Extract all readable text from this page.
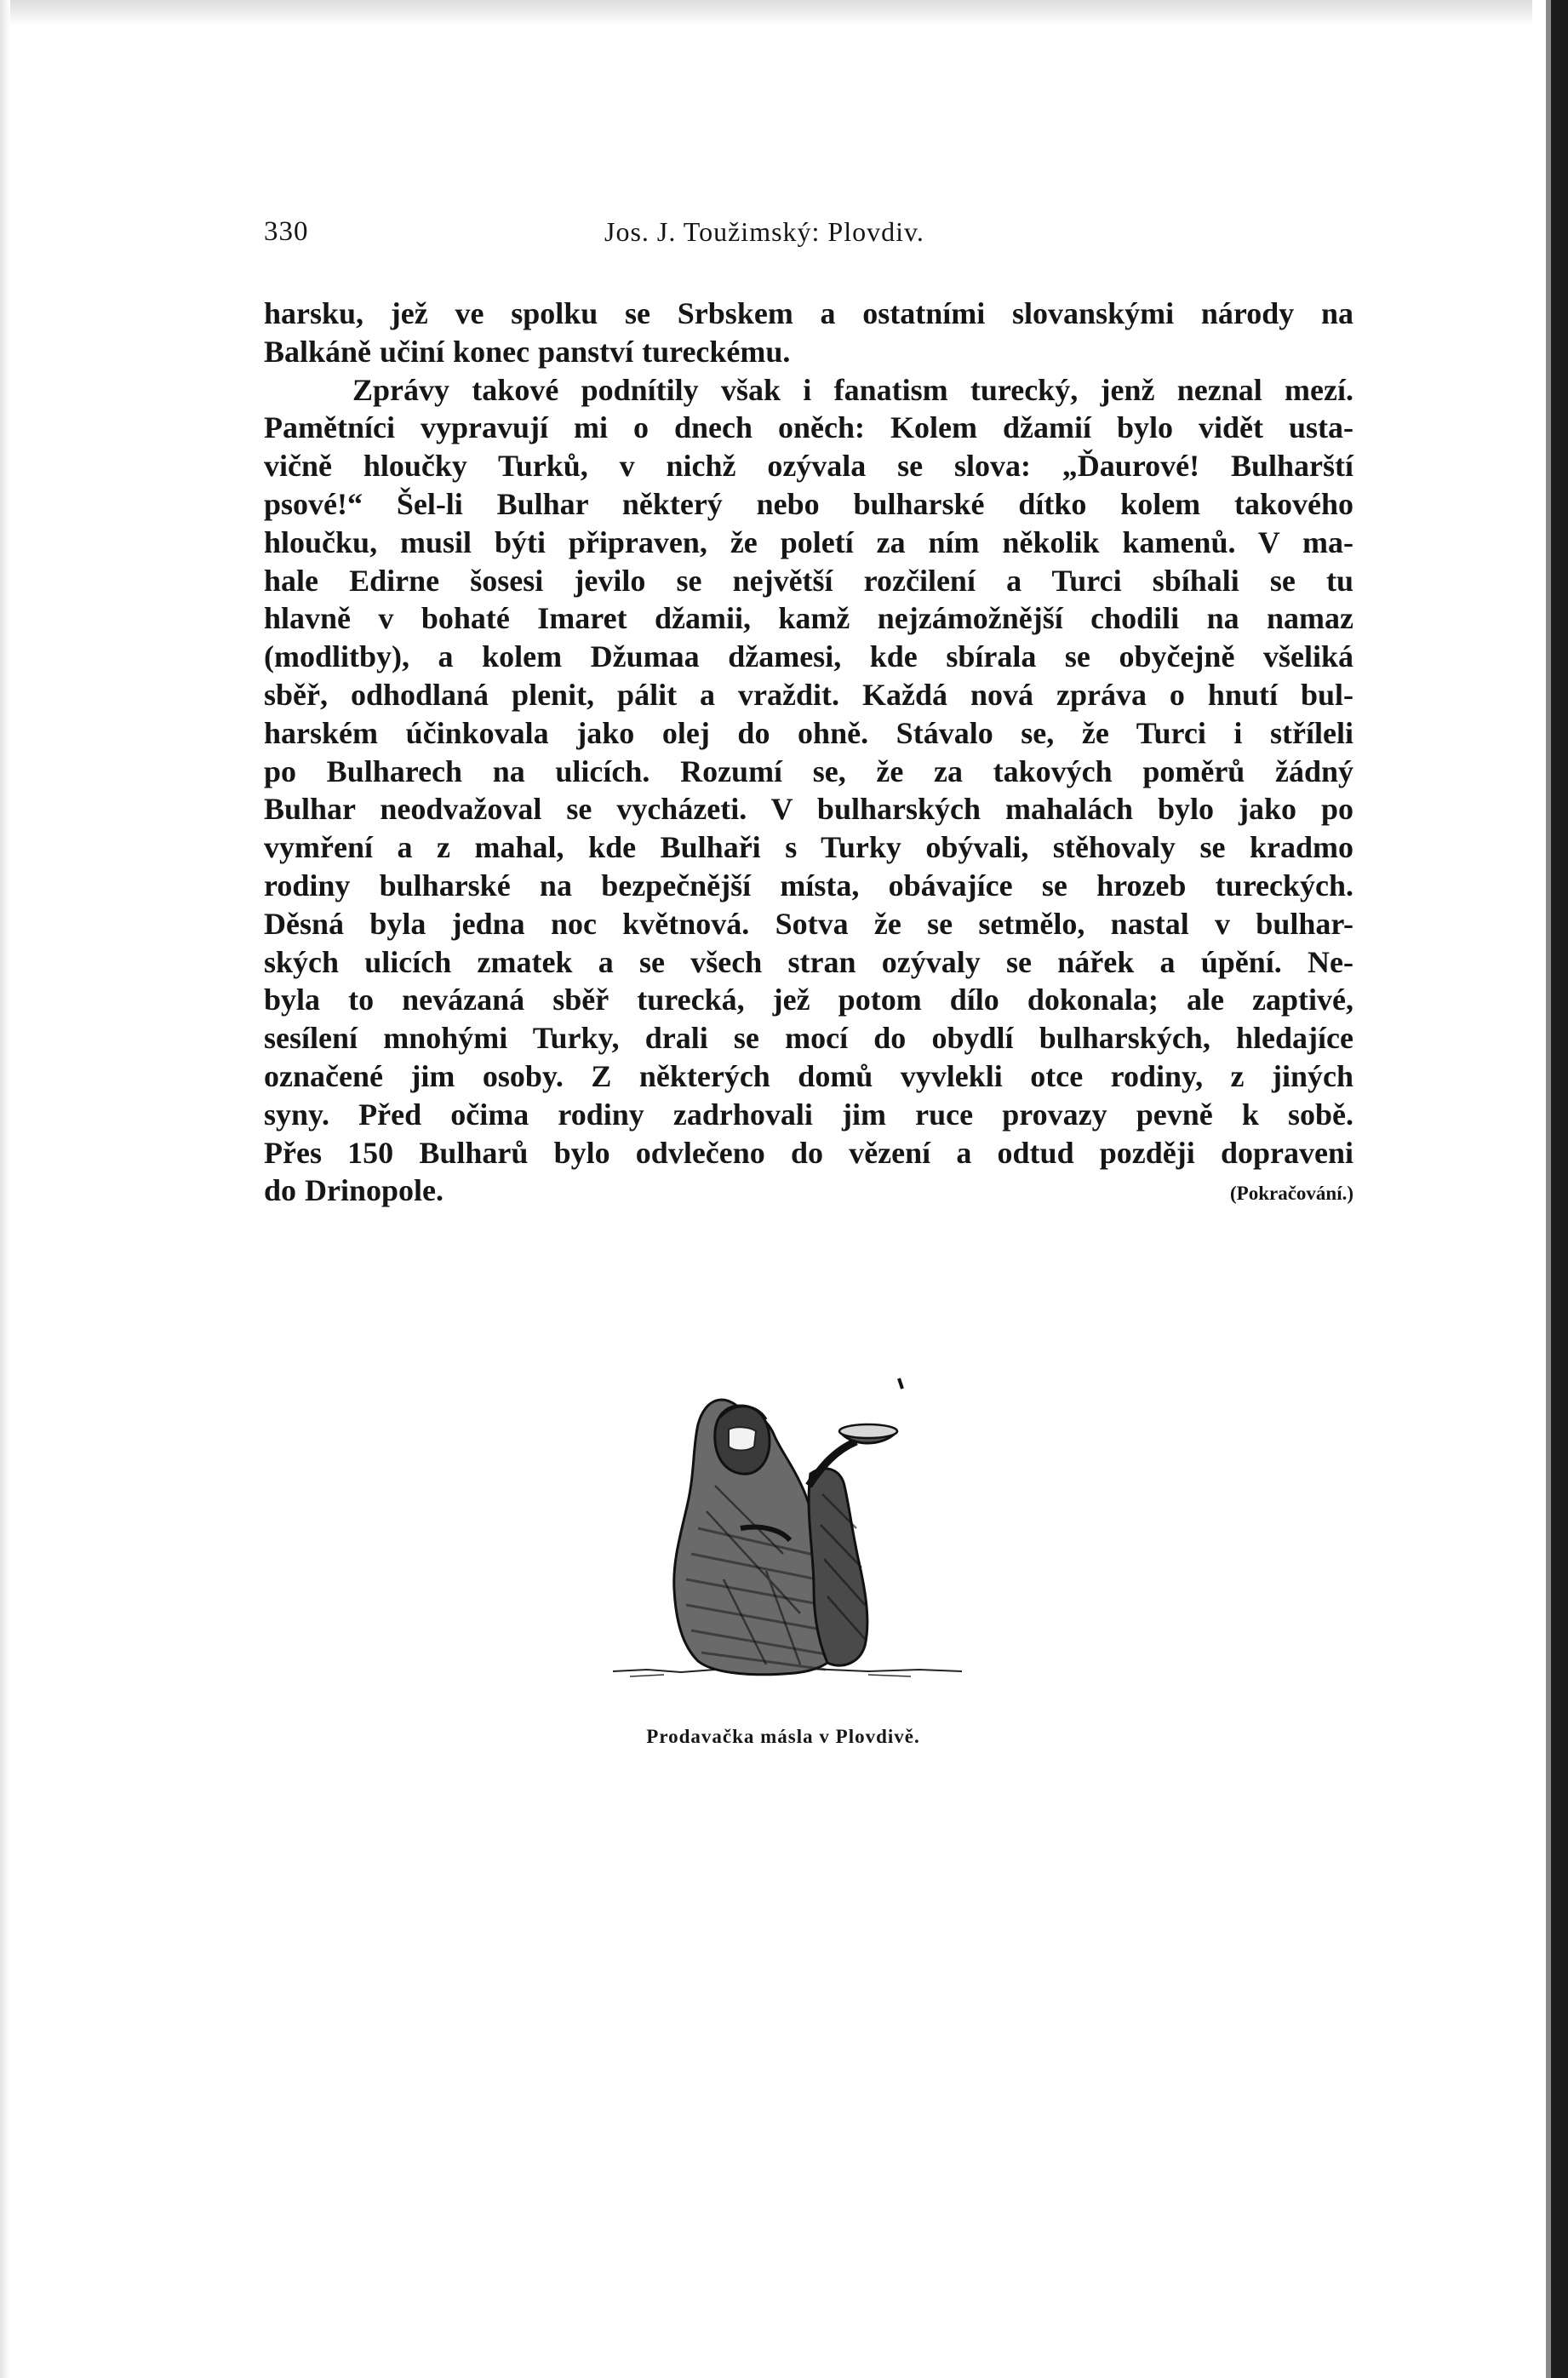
330	Jos. J. Toužimský: Plovdiv.
harsku, jež ve spolku se Srbskem a ostatními slovanskými národy na
Balkáně učiní konec panství tureckému.
Zprávy takové podnítily však i fanatism turecký, jenž neznal mezí.
Pamětníci vypravují mi o dnech oněch: Kolem džamií bylo vidět usta-
vičně hloučky Turků, v nichž ozývala se slova: „Ďaurové! Bulharští
psové!“ Šel-li Bulhar některý nebo bulharské dítko kolem takového
hloučku, musil býti připraven, že poletí za ním několik kamenů. V ma-
hale Edirne šosesi jevilo se největší rozčilení a Turci sbíhali se tu
hlavně v bohaté Imaret džamii, kamž nejzámožnější chodili na namaz
(modlitby), a kolem Džumaa džamesi, kde sbírala se obyčejně všeliká
sběř, odhodlaná plenit, pálit a vraždit. Každá nová zpráva o hnutí bul-
harském účinkovala jako olej do ohně. Stávalo se, že Turci i stříleli
po Bulharech na ulicích. Rozumí se, že za takových poměrů žádný
Bulhar neodvažoval se vycházeti. V bulharských mahalách bylo jako po
vymření a z mahal, kde Bulhaři s Turky obývali, stěhovaly se kradmo
rodiny bulharské na bezpečnější místa, obávajíce se hrozeb tureckých.
Děsná byla jedna noc květnová. Sotva že se setmělo, nastal v bulhar-
ských ulicích zmatek a se všech stran ozývaly se nářek a úpění. Ne-
byla to nevázaná sběř turecká, jež potom dílo dokonala; ale zaptivé,
sesílení mnohými Turky, drali se mocí do obydlí bulharských, hledajíce
označené jim osoby. Z některých domů vyvlekli otce rodiny, z jiných
syny. Před očima rodiny zadrhovali jim ruce provazy pevně k sobě.
Přes 150 Bulharů bylo odvlečeno do vězení a odtud později dopraveni
do Drinopole.	(Pokračování.)
Prodavačka másla v Plovdivě.
